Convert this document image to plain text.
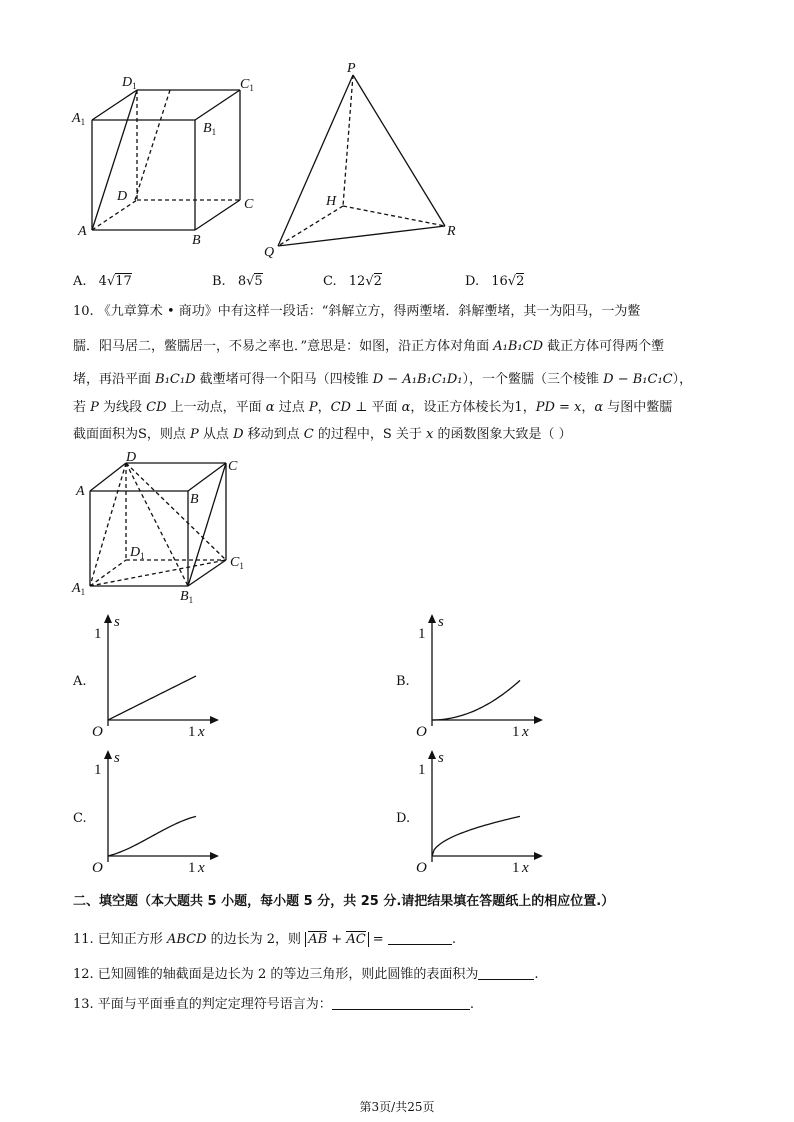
$D_1$	$C_1$
$A_1$	$B_1$
D
C
A
B
P
H
Q
R
A. 4√17	B. 8√5	C. 12√2	D. 16√2
10. 《九章算术 • 商功》中有这样一段话：“斜解立方，得两壍堵．斜解壍堵，其一为阳马，一为鳖
臑．阳马居二，鳖臑居一，不易之率也．”意思是：如图，沿正方体对角面 A₁B₁CD 截正方体可得两个壍
堵，再沿平面 B₁C₁D 截壍堵可得一个阳马（四棱锥 D − A₁B₁C₁D₁），一个鳖臑（三个棱锥 D − B₁C₁C），
若 P 为线段 CD 上一动点，平面 α 过点 P，CD ⊥ 平面 α，设正方体棱长为1，PD = x，α 与图中鳖臑
截面面积为S，则点 P 从点 D 移动到点 C 的过程中，S 关于 x 的函数图象大致是（ ）
D
C
A
B
$D_1$	$C_1$
$A_1$	$B_1$
A.	B.
C.	D.
O	1 x
1
s
O	1 x
1
s
O	1 x
1
s
O	1 x
1
s
二、填空题（本大题共 5 小题，每小题 5 分，共 25 分.请把结果填在答题纸上的相应位置.）
11. 已知正方形 ABCD 的边长为 2，则 AB + AC =	.
12. 已知圆锥的轴截面是边长为 2 的等边三角形，则此圆锥的表面积为	.
13. 平面与平面垂直的判定定理符号语言为：	.
第3页/共25页
